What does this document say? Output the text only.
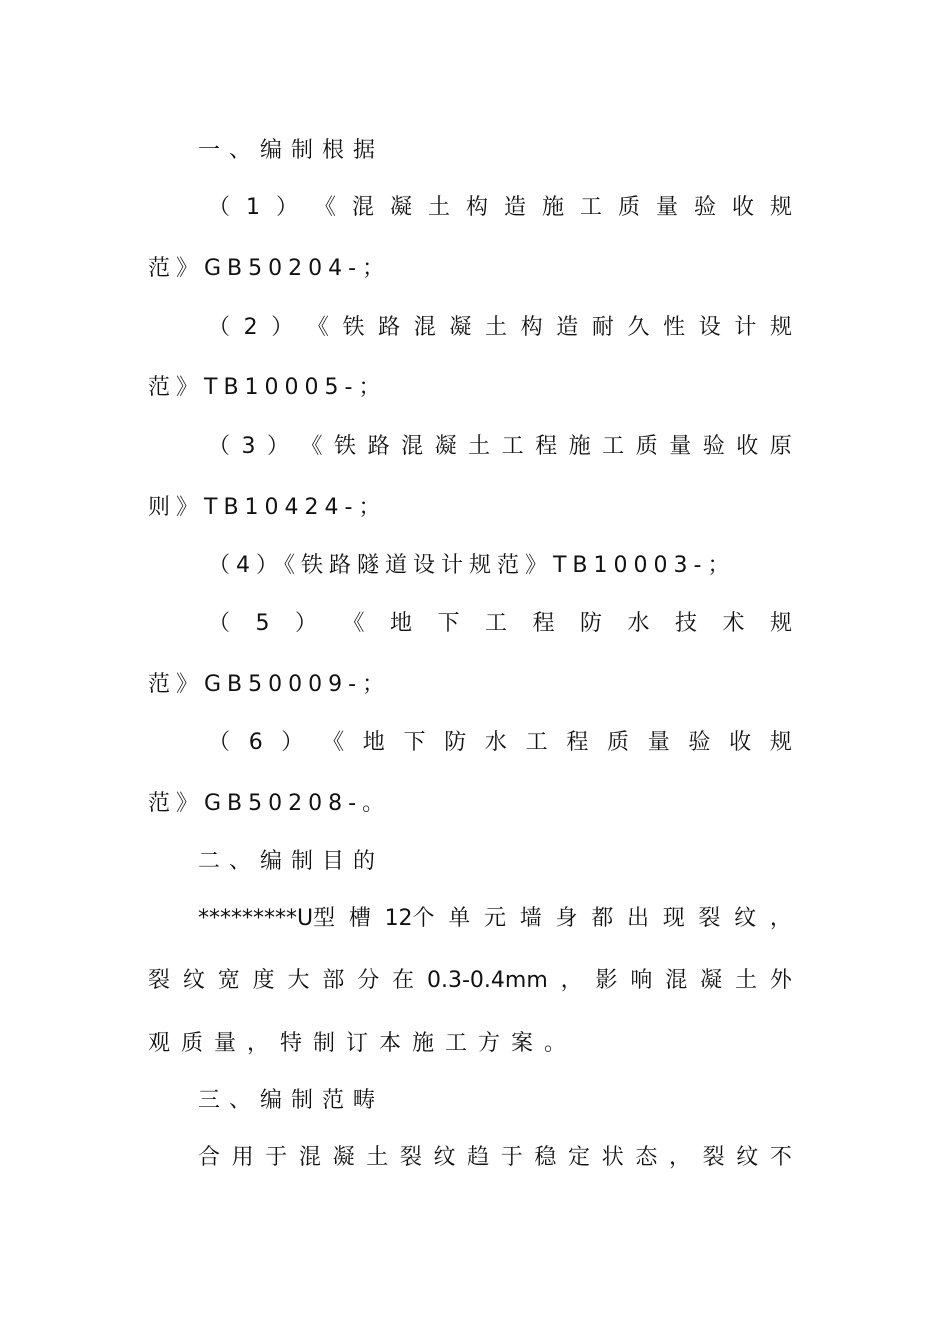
一、编制根据
（ 1 ） 《 混 凝 土 构 造 施 工 质 量 验 收 规
范》GB50204-；
（ 2 ） 《 铁 路 混 凝 土 构 造 耐 久 性 设 计 规
范》TB10005-；
（ 3 ） 《 铁 路 混 凝 土 工 程 施 工 质 量 验 收 原
则》TB10424-；
（4）《铁路隧道设计规范》TB10003-；
（ 5 ） 《 地 下 工 程 防 水 技 术 规
范》GB50009-；
（ 6 ） 《 地 下 防 水 工 程 质 量 验 收 规
范》GB50208-。
二、编制目的
*********U型 槽 12个 单 元 墙 身 都 出 现 裂 纹 ，
裂 纹 宽 度 大 部 分 在 0.3-0.4mm ， 影 响 混 凝 土 外
观质量，特制订本施工方案。
三、编制范畴
合 用 于 混 凝 土 裂 纹 趋 于 稳 定 状 态 ， 裂 纹 不
